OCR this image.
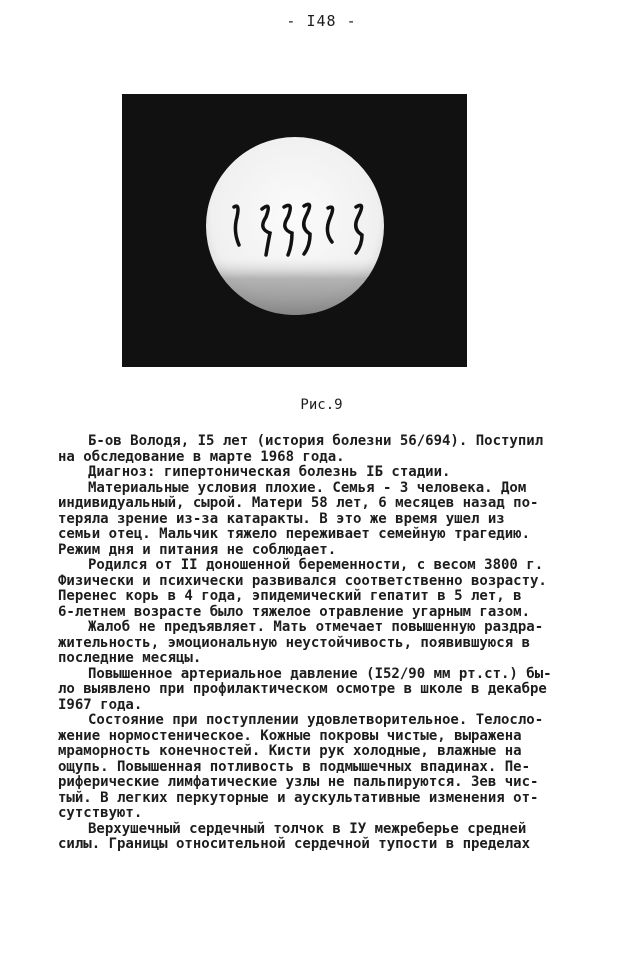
- I48 -
Рис.9

Б-ов Володя, I5 лет (история болезни 56/694). Поступил
на обследование в марте 1968 года.

Диагноз: гипертоническая болезнь IБ стадии.

Материальные условия плохие. Семья - 3 человека. Дом
индивидуальный, сырой. Матери 58 лет, 6 месяцев назад по-
теряла зрение из-за катаракты. В это же время ушел из
семьи отец. Мальчик тяжело переживает семейную трагедию.
Режим дня и питания не соблюдает.

Родился от II доношенной беременности, с весом 3800 г.
Физически и психически развивался соответственно возрасту.
Перенес корь в 4 года, эпидемический гепатит в 5 лет, в
6-летнем возрасте было тяжелое отравление угарным газом.

Жалоб не предъявляет. Мать отмечает повышенную раздра-
жительность, эмоциональную неустойчивость, появившуюся в
последние месяцы.

Повышенное артериальное давление (I52/90 мм рт.ст.) бы-
ло выявлено при профилактическом осмотре в школе в декабре
I967 года.

Состояние при поступлении удовлетворительное. Телосло-
жение нормостеническое. Кожные покровы чистые, выражена
мраморность конечностей. Кисти рук холодные, влажные на
ощупь. Повышенная потливость в подмышечных впадинах. Пе-
риферические лимфатические узлы не пальпируются. Зев чис-
тый. В легких перкуторные и аускультативные изменения от-
сутствуют.

Верхушечный сердечный толчок в IУ межреберье средней
силы. Границы относительной сердечной тупости в пределах
